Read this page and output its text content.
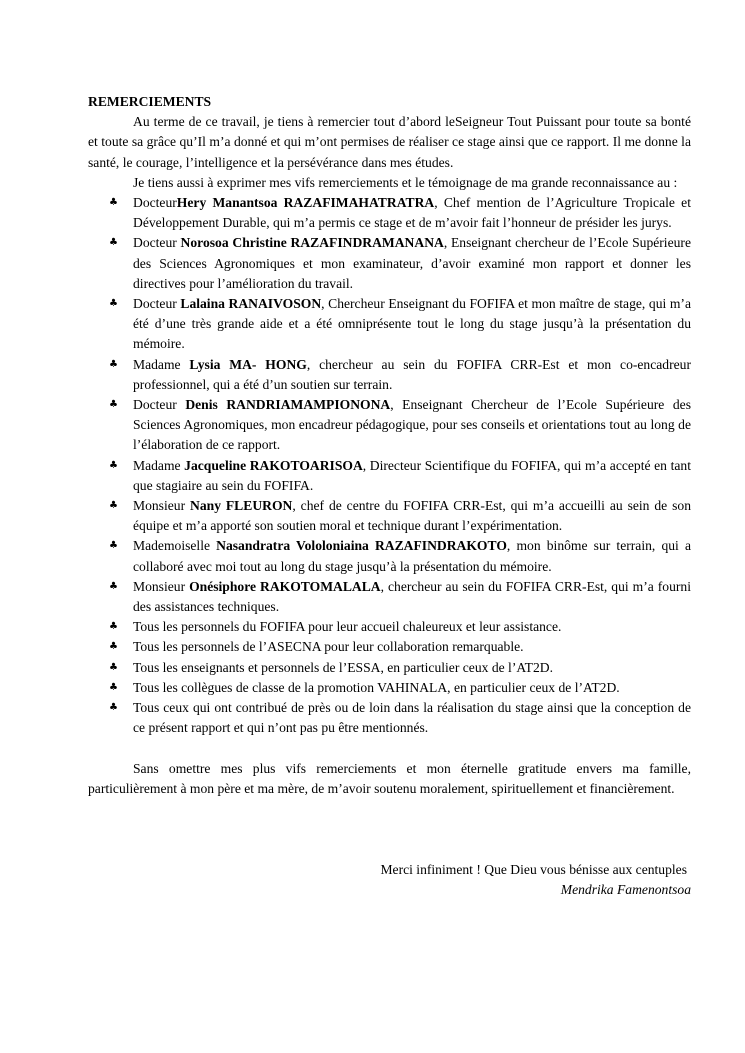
REMERCIEMENTS

Au terme de ce travail, je tiens à remercier tout d’abord leSeigneur Tout Puissant pour toute sa bonté et toute sa grâce qu’Il m’a donné et qui m’ont permises de réaliser ce stage ainsi que ce rapport. Il me donne la santé, le courage, l’intelligence et la persévérance dans mes études.

Je tiens aussi à exprimer mes vifs remerciements et le témoignage de ma grande reconnaissance au :

♣ DocteurHery Manantsoa RAZAFIMAHATRATRA, Chef mention de l’Agriculture Tropicale et Développement Durable, qui m’a permis ce stage et de m’avoir fait l’honneur de présider les jurys.
♣ Docteur Norosoa Christine RAZAFINDRAMANANA, Enseignant chercheur de l’Ecole Supérieure des Sciences Agronomiques et mon examinateur, d’avoir examiné mon rapport et donner les directives pour l’amélioration du travail.
♣ Docteur Lalaina RANAIVOSON, Chercheur Enseignant du FOFIFA et mon maître de stage, qui m’a été d’une très grande aide et a été omniprésente tout le long du stage jusqu’à la présentation du mémoire.
♣ Madame Lysia MA- HONG, chercheur au sein du FOFIFA CRR-Est et mon co-encadreur professionnel, qui a été d’un soutien sur terrain.
♣ Docteur Denis RANDRIAMAMPIONONA, Enseignant Chercheur de l’Ecole Supérieure des Sciences Agronomiques, mon encadreur pédagogique, pour ses conseils et orientations tout au long de l’élaboration de ce rapport.
♣ Madame Jacqueline RAKOTOARISOA, Directeur Scientifique du FOFIFA, qui m’a accepté en tant que stagiaire au sein du FOFIFA.
♣ Monsieur Nany FLEURON, chef de centre du FOFIFA CRR-Est, qui m’a accueilli au sein de son équipe et m’a apporté son soutien moral et technique durant l’expérimentation.
♣ Mademoiselle Nasandratra Vololoniaina RAZAFINDRAKOTO, mon binôme sur terrain, qui a collaboré avec moi tout au long du stage jusqu’à la présentation du mémoire.
♣ Monsieur Onésiphore RAKOTOMALALA, chercheur au sein du FOFIFA CRR-Est, qui m’a fourni des assistances techniques.
♣ Tous les personnels du FOFIFA pour leur accueil chaleureux et leur assistance.
♣ Tous les personnels de l’ASECNA pour leur collaboration remarquable.
♣ Tous les enseignants et personnels de l’ESSA, en particulier ceux de l’AT2D.
♣ Tous les collègues de classe de la promotion VAHINALA, en particulier ceux de l’AT2D.
♣ Tous ceux qui ont contribué de près ou de loin dans la réalisation du stage ainsi que la conception de ce présent rapport et qui n’ont pas pu être mentionnés.

Sans omettre mes plus vifs remerciements et mon éternelle gratitude envers ma famille, particulièrement à mon père et ma mère, de m’avoir soutenu moralement, spirituellement et financièrement.

Merci infiniment ! Que Dieu vous bénisse aux centuples
Mendrika Famenontsoa
